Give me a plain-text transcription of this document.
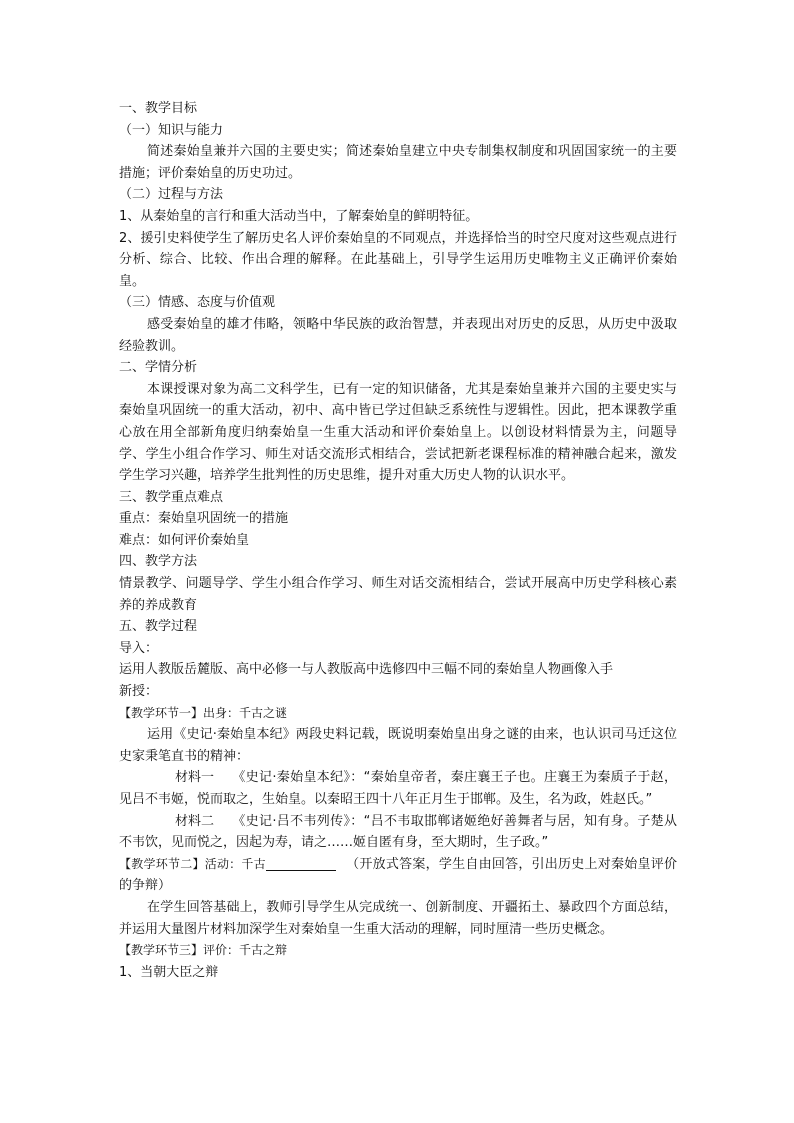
一、教学目标
（一）知识与能力
简述秦始皇兼并六国的主要史实；简述秦始皇建立中央专制集权制度和巩固国家统一的主要措施；评价秦始皇的历史功过。
（二）过程与方法
1、从秦始皇的言行和重大活动当中，了解秦始皇的鲜明特征。
2、援引史料使学生了解历史名人评价秦始皇的不同观点，并选择恰当的时空尺度对这些观点进行分析、综合、比较、作出合理的解释。在此基础上，引导学生运用历史唯物主义正确评价秦始皇。
（三）情感、态度与价值观
感受秦始皇的雄才伟略，领略中华民族的政治智慧，并表现出对历史的反思，从历史中汲取经验教训。
二、学情分析
本课授课对象为高二文科学生，已有一定的知识储备，尤其是秦始皇兼并六国的主要史实与秦始皇巩固统一的重大活动，初中、高中皆已学过但缺乏系统性与逻辑性。因此，把本课教学重心放在用全部新角度归纳秦始皇一生重大活动和评价秦始皇上。以创设材料情景为主，问题导学、学生小组合作学习、师生对话交流形式相结合，尝试把新老课程标准的精神融合起来，激发学生学习兴趣，培养学生批判性的历史思维，提升对重大历史人物的认识水平。
三、教学重点难点
重点：秦始皇巩固统一的措施
难点：如何评价秦始皇
四、教学方法
情景教学、问题导学、学生小组合作学习、师生对话交流相结合，尝试开展高中历史学科核心素养的养成教育
五、教学过程
导入：
运用人教版岳麓版、高中必修一与人教版高中选修四中三幅不同的秦始皇人物画像入手
新授：
【教学环节一】出身：千古之谜
运用《史记·秦始皇本纪》两段史料记载，既说明秦始皇出身之谜的由来，也认识司马迁这位史家秉笔直书的精神：
材料一 《史记·秦始皇本纪》：“秦始皇帝者，秦庄襄王子也。庄襄王为秦质子于赵，见吕不韦姬，悦而取之，生始皇。以秦昭王四十八年正月生于邯郸。及生，名为政，姓赵氏。”
材料二 《史记·吕不韦列传》：“吕不韦取邯郸诸姬绝好善舞者与居，知有身。子楚从不韦饮，见而悦之，因起为寿，请之……姬自匿有身，至大期时，生子政。”
【教学环节二】活动：千古	（开放式答案，学生自由回答，引出历史上对秦始皇评价的争辩）
在学生回答基础上，教师引导学生从完成统一、创新制度、开疆拓土、暴政四个方面总结，并运用大量图片材料加深学生对秦始皇一生重大活动的理解，同时厘清一些历史概念。
【教学环节三】评价：千古之辩
1、当朝大臣之辩
